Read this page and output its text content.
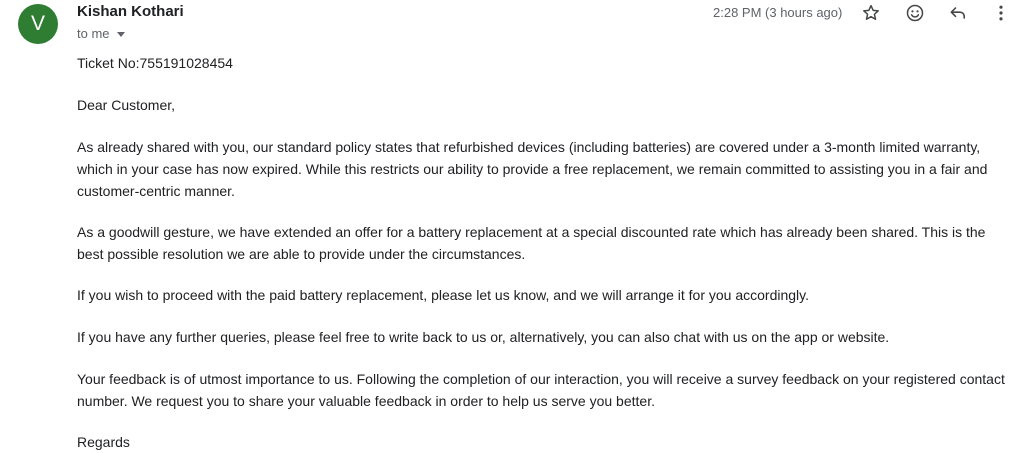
V
Kishan Kothari
to me
2:28 PM (3 hours ago)

Ticket No:755191028454

Dear Customer,

As already shared with you, our standard policy states that refurbished devices (including batteries) are covered under a 3-month limited warranty, which in your case has now expired. While this restricts our ability to provide a free replacement, we remain committed to assisting you in a fair and customer-centric manner.

As a goodwill gesture, we have extended an offer for a battery replacement at a special discounted rate which has already been shared. This is the best possible resolution we are able to provide under the circumstances.

If you wish to proceed with the paid battery replacement, please let us know, and we will arrange it for you accordingly.

If you have any further queries, please feel free to write back to us or, alternatively, you can also chat with us on the app or website.

Your feedback is of utmost importance to us. Following the completion of our interaction, you will receive a survey feedback on your registered contact number. We request you to share your valuable feedback in order to help us serve you better.

Regards
